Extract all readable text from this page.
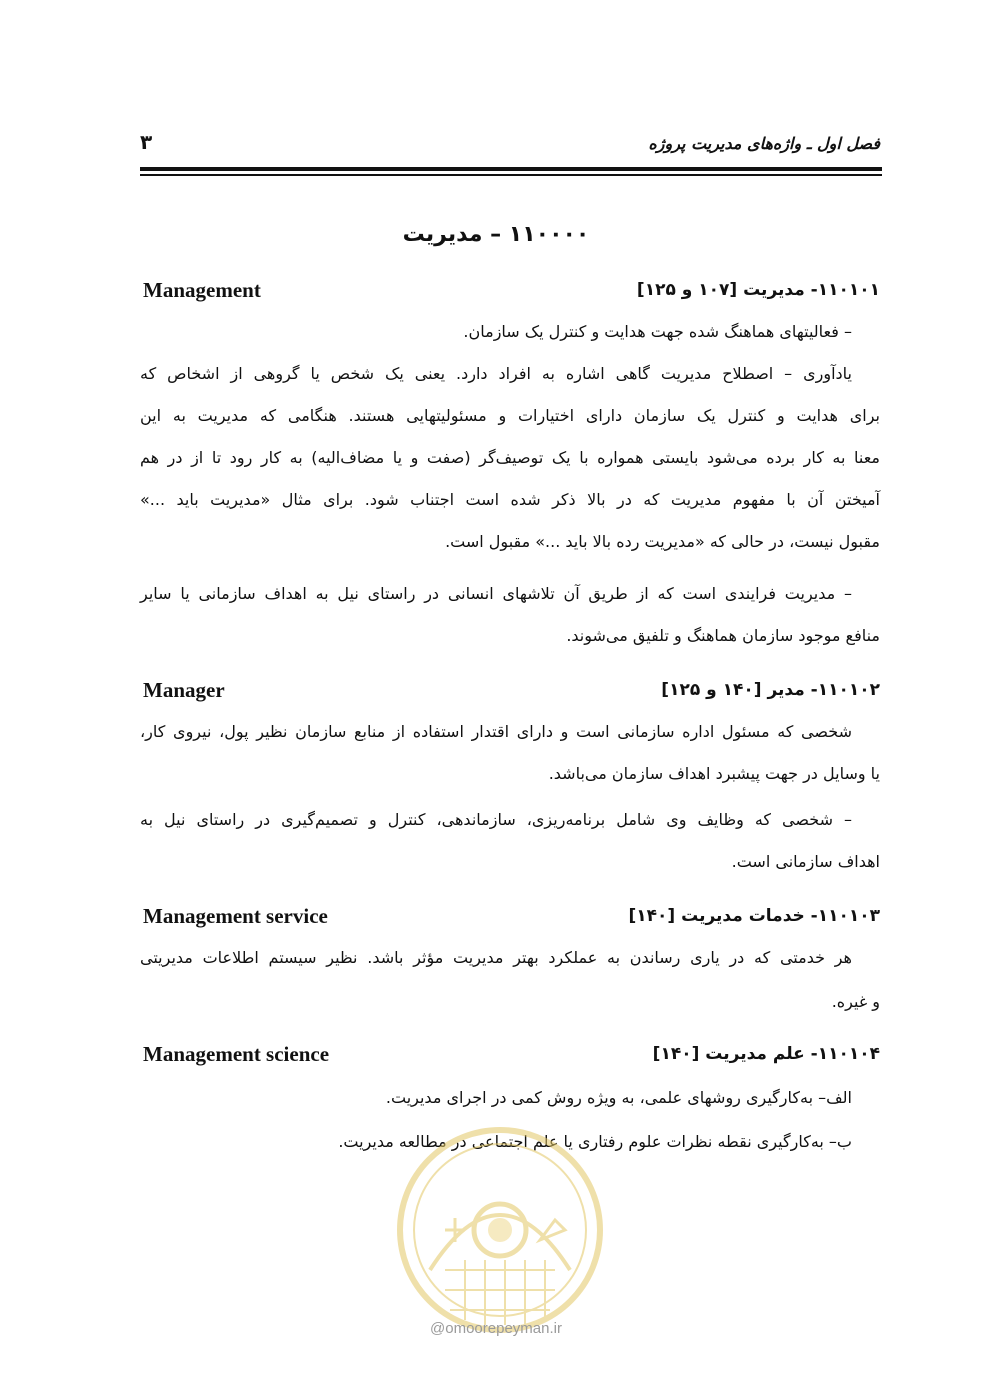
فصل اول ـ واژه‌های مدیریت پروژه
۳
۱۱۰۰۰۰ – مدیریت
۱۱۰۱۰۱- مدیریت [۱۰۷ و ۱۲۵]
Management
– فعالیتهای هماهنگ شده جهت هدایت و کنترل یک سازمان.
یادآوری – اصطلاح مدیریت گاهی اشاره به افراد دارد. یعنی یک شخص یا گروهی از اشخاص که
برای هدایت و کنترل یک سازمان دارای اختیارات و مسئولیتهایی هستند. هنگامی که مدیریت به این
معنا به کار برده می‌شود بایستی همواره با یک توصیف‌گر (صفت و یا مضاف‌الیه) به کار رود تا از در هم
آمیختن آن با مفهوم مدیریت که در بالا ذکر شده است اجتناب شود. برای مثال «مدیریت باید ...»
مقبول نیست، در حالی که «مدیریت رده بالا باید ...» مقبول است.
– مدیریت فرایندی است که از طریق آن تلاشهای انسانی در راستای نیل به اهداف سازمانی یا سایر
منافع موجود سازمان هماهنگ و تلفیق می‌شوند.
۱۱۰۱۰۲- مدیر [۱۴۰ و ۱۲۵]
Manager
شخصی که مسئول اداره سازمانی است و دارای اقتدار استفاده از منابع سازمان نظیر پول، نیروی کار،
یا وسایل در جهت پیشبرد اهداف سازمان می‌باشد.
– شخصی که وظایف وی شامل برنامه‌ریزی، سازماندهی، کنترل و تصمیم‌گیری در راستای نیل به
اهداف سازمانی است.
۱۱۰۱۰۳- خدمات مدیریت [۱۴۰]
Management service
هر خدمتی که در یاری رساندن به عملکرد بهتر مدیریت مؤثر باشد. نظیر سیستم اطلاعات مدیریتی
و غیره.
۱۱۰۱۰۴- علم مدیریت [۱۴۰]
Management science
الف– به‌کارگیری روشهای علمی، به ویژه روش کمی در اجرای مدیریت.
ب– به‌کارگیری نقطه نظرات علوم رفتاری یا علم اجتماعی در مطالعه مدیریت.
@omoorepeyman.ir
